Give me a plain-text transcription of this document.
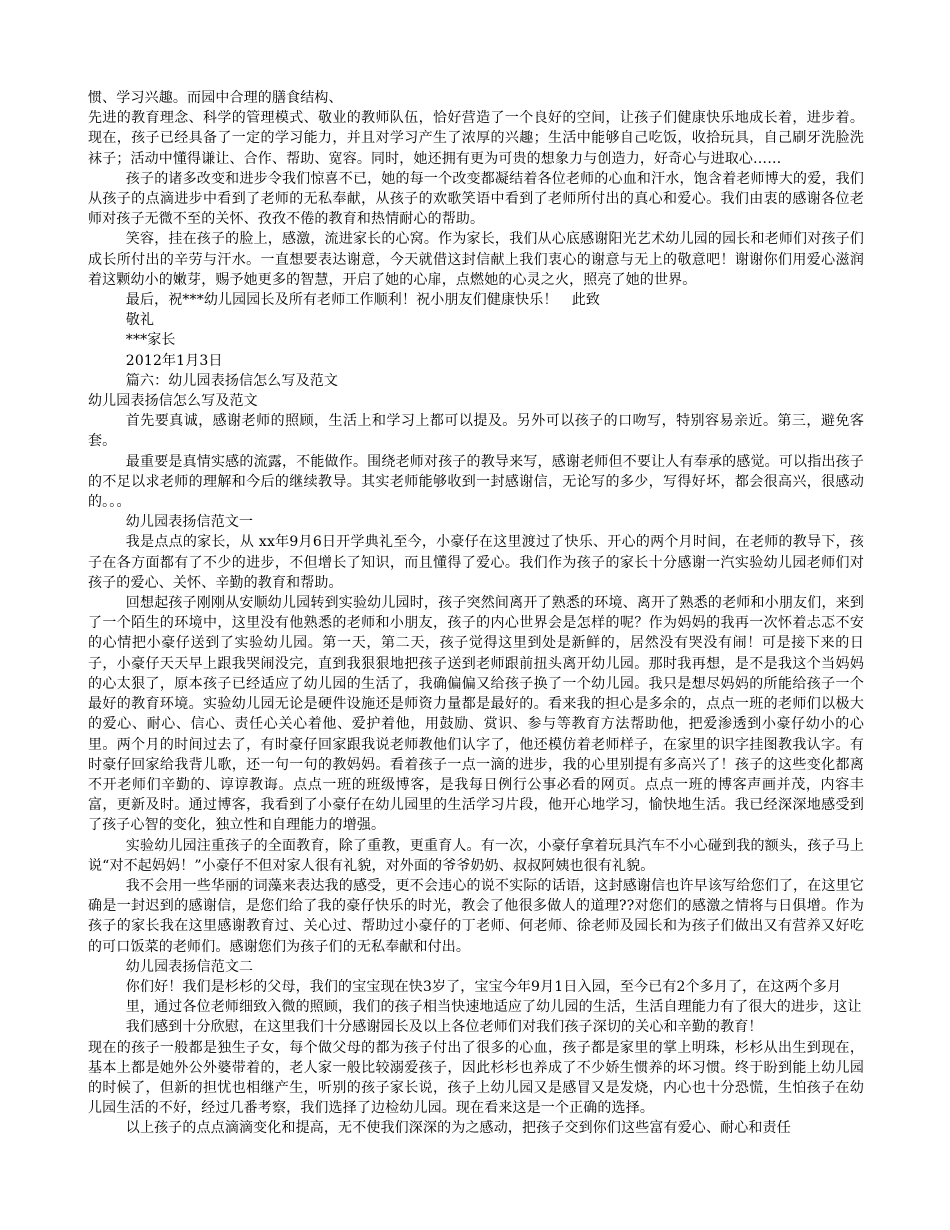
惯、学习兴趣。而园中合理的膳食结构、

先进的教育理念、科学的管理模式、敬业的教师队伍，恰好营造了一个良好的空间，让孩子们健康快乐地成长着，进步着。现在，孩子已经具备了一定的学习能力，并且对学习产生了浓厚的兴趣；生活中能够自己吃饭，收拾玩具，自己刷牙洗脸洗袜子；活动中懂得谦让、合作、帮助、宽容。同时，她还拥有更为可贵的想象力与创造力，好奇心与进取心……

孩子的诸多改变和进步令我们惊喜不已，她的每一个改变都凝结着各位老师的心血和汗水，饱含着老师博大的爱，我们从孩子的点滴进步中看到了老师的无私奉献，从孩子的欢歌笑语中看到了老师所付出的真心和爱心。我们由衷的感谢各位老师对孩子无微不至的关怀、孜孜不倦的教育和热情耐心的帮助。

笑容，挂在孩子的脸上，感激，流进家长的心窝。作为家长，我们从心底感谢阳光艺术幼儿园的园长和老师们对孩子们成长所付出的辛劳与汗水。一直想要表达谢意，今天就借这封信献上我们衷心的谢意与无上的敬意吧！谢谢你们用爱心滋润着这颗幼小的嫩芽，赐予她更多的智慧，开启了她的心扉，点燃她的心灵之火，照亮了她的世界。

最后，祝***幼儿园园长及所有老师工作顺利！祝小朋友们健康快乐！　此致

敬礼

***家长

2012年1月3日

篇六：幼儿园表扬信怎么写及范文

幼儿园表扬信怎么写及范文

首先要真诚，感谢老师的照顾，生活上和学习上都可以提及。另外可以孩子的口吻写，特别容易亲近。第三，避免客套。

最重要是真情实感的流露，不能做作。围绕老师对孩子的教导来写，感谢老师但不要让人有奉承的感觉。可以指出孩子的不足以求老师的理解和今后的继续教导。其实老师能够收到一封感谢信，无论写的多少，写得好坏，都会很高兴，很感动的。。。

幼儿园表扬信范文一

我是点点的家长，从 xx年9月6日开学典礼至今，小豪仔在这里渡过了快乐、开心的两个月时间，在老师的教导下，孩子在各方面都有了不少的进步，不但增长了知识，而且懂得了爱心。我们作为孩子的家长十分感谢一汽实验幼儿园老师们对孩子的爱心、关怀、辛勤的教育和帮助。

回想起孩子刚刚从安顺幼儿园转到实验幼儿园时，孩子突然间离开了熟悉的环境、离开了熟悉的老师和小朋友们，来到了一个陌生的环境中，这里没有他熟悉的老师和小朋友，孩子的内心世界会是怎样的呢？作为妈妈的我再一次怀着忐忑不安的心情把小豪仔送到了实验幼儿园。第一天，第二天，孩子觉得这里到处是新鲜的，居然没有哭没有闹！可是接下来的日子，小豪仔天天早上跟我哭闹没完，直到我狠狠地把孩子送到老师跟前扭头离开幼儿园。那时我再想，是不是我这个当妈妈的心太狠了，原本孩子已经适应了幼儿园的生活了，我确偏偏又给孩子换了一个幼儿园。我只是想尽妈妈的所能给孩子一个最好的教育环境。实验幼儿园无论是硬件设施还是师资力量都是最好的。看来我的担心是多余的，点点一班的老师们以极大的爱心、耐心、信心、责任心关心着他、爱护着他，用鼓励、赏识、参与等教育方法帮助他，把爱渗透到小豪仔幼小的心里。两个月的时间过去了，有时豪仔回家跟我说老师教他们认字了，他还模仿着老师样子，在家里的识字挂图教我认字。有时豪仔回家给我背儿歌，还一句一句的教妈妈。看着孩子一点一滴的进步，我的心里别提有多高兴了！孩子的这些变化都离不开老师们辛勤的、谆谆教诲。点点一班的班级博客，是我每日例行公事必看的网页。点点一班的博客声画并茂，内容丰富，更新及时。通过博客，我看到了小豪仔在幼儿园里的生活学习片段，他开心地学习，愉快地生活。我已经深深地感受到了孩子心智的变化，独立性和自理能力的增强。

实验幼儿园注重孩子的全面教育，除了重教，更重育人。有一次，小豪仔拿着玩具汽车不小心碰到我的额头，孩子马上说“对不起妈妈！”小豪仔不但对家人很有礼貌，对外面的爷爷奶奶、叔叔阿姨也很有礼貌。

我不会用一些华丽的词藻来表达我的感受，更不会违心的说不实际的话语，这封感谢信也许早该写给您们了，在这里它确是一封迟到的感谢信，是您们给了我的豪仔快乐的时光，教会了他很多做人的道理??对您们的感激之情将与日俱增。作为孩子的家长我在这里感谢教育过、关心过、帮助过小豪仔的丁老师、何老师、徐老师及园长和为孩子们做出又有营养又好吃的可口饭菜的老师们。感谢您们为孩子们的无私奉献和付出。

幼儿园表扬信范文二

你们好！我们是杉杉的父母，我们的宝宝现在快3岁了，宝宝今年9月1日入园，至今已有2个多月了，在这两个多月里，通过各位老师细致入微的照顾，我们的孩子相当快速地适应了幼儿园的生活，生活自理能力有了很大的进步，这让我们感到十分欣慰，在这里我们十分感谢园长及以上各位老师们对我们孩子深切的关心和辛勤的教育！

现在的孩子一般都是独生子女，每个做父母的都为孩子付出了很多的心血，孩子都是家里的掌上明珠，杉杉从出生到现在，基本上都是她外公外婆带着的，老人家一般比较溺爱孩子，因此杉杉也养成了不少娇生惯养的坏习惯。终于盼到能上幼儿园的时候了，但新的担忧也相继产生，听别的孩子家长说，孩子上幼儿园又是感冒又是发烧，内心也十分恐慌，生怕孩子在幼儿园生活的不好，经过几番考察，我们选择了边检幼儿园。现在看来这是一个正确的选择。

以上孩子的点点滴滴变化和提高，无不使我们深深的为之感动，把孩子交到你们这些富有爱心、耐心和责任
